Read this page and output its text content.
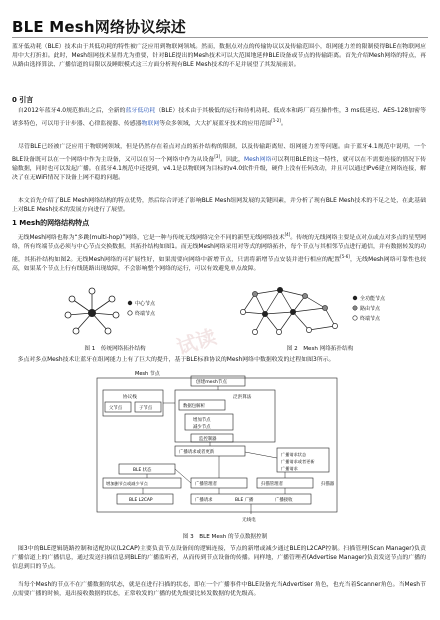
BLE Mesh网络协议综述
蓝牙低功耗（BLE）技术由于其低功耗的特性被广泛应用到物联网领域。然而，数据点对点的传输协议以及传输范围小，组网能力差的限制使得BLE在物联网应用中大打折扣。此时，Mesh组网技术显得尤为重要，针对BLE提出的Mesh技术可以大范围地延伸BLE设备或节点的传输距离。首先介绍Mesh网络的特点，再从路由选择算法、广播信道的局限以及睡眠模式这三方面分析现有BLE Mesh技术的不足并展望了其发展前景。
0 引言
自2012年蓝牙4.0规范推出之后，全新的蓝牙低功耗（BLE）技术由于其极低的运行和待机功耗、低成本和跨厂商互操作性，3 ms低延迟、AES-128加密等诸多特色，可以用于计步器、心律监视器、传感器物联网等众多领域，大大扩展蓝牙技术的应用范围[1-2]。
尽管BLE已经被广泛应用于物联网领域，但是仍然存在着点对点的拓扑结构的限制，以及传输距离短、组网能力差等问题。由于蓝牙4.1规范中说明，一个BLE设备既可以在一个网络中作为主设备，又可以在另一个网络中作为从设备[3]。因此，Mesh网络可以利用BLE的这一特性，就可以在不需要连接的情况下传输数据，同时也可以发起广播。在蓝牙4.1规范中还提到，v4.1是以物联网为目标的v4.0软件升级，硬件上没有任何改动，并且可以通过IPv6建立网络连接，解决了在无WiFi情况下设备上网不稳的问题。
本文首先介绍了BLE Mesh网络结构的特点优势，然后综合评述了影响BLE Mesh组网发展的关键因素，并分析了现有BLE Mesh技术的不足之处，在此基础上对BLE Mesh技术的发展方向进行了展望。
1 Mesh的网络结构特点
无线Mesh网络也称为“多跳(multi-hop)”网络，它是一种与传统无线网络完全不同的新型无线网络技术[4]。传统的无线网络主要是点对点或点对多点的星型网络，所有终端节点必须与中心节点交换数据，其拓扑结构如图1。而无线Mesh网络采用对等式的网络拓扑，每个节点与其相邻节点进行通信，并有数据转发的功能，其拓扑结构如图2。无线Mesh网络的可扩展性好，如果需要向网络中新增节点，只需将新增节点安装并进行相应的配置[5-6]，无线Mesh网络可靠性也较高，如果某个节点上行有线链路出现故障，不会影响整个网络的运行，可以有效避免单点故障。
中心节点
终端节点
图 1　传统网络拓扑结构
全功能节点
路由节点
终端节点
图 2　Mesh 网络拓扑结构
多点对多点Mesh技术让蓝牙在组网能力上有了巨大的提升，基于BLE标准协议的Mesh网络中数据收发的过程如图3所示。
Mesh 节点
创建mesh节点
协议栈
父节点	子节点
泛洪算法
数据包解析
增加节点
减少节点
监控制器
广播请求或者更新
BLE 状态
增加删节点或减少节点
BLE L2CAP
广播请求状态
广播请求或者更新
广播请求
广播管理者	扫描管理者	扫描器
广播请求	BLE 广播	广播接收
无线电
图 3　BLE Mesh 的节点数据控制
图3中的BLE逻辑链路控制和适配协议(L2CAP)主要负责节点设备间的逻辑连接，节点的新增或减少通过BLE的L2CAP控制。扫描管理(Scan Manager)负责广播信道上的广播信息，通过发送扫描信息到BLE的广播监听者，从而传到节点设备的传播。同样地，广播管理者(Advertise Manager)负责发送节点的广播的信息到目的节点。
当每个Mesh的节点不在广播数据的状态，就是在进行扫描的状态，即在一个广播事件中BLE设备充当Advertiser 角色，也充当着Scanner角色。当Mesh节点需要广播的时候，退出接收数据的状态，正常收发的广播的优先级要比转发数据的优先级高。
试读
